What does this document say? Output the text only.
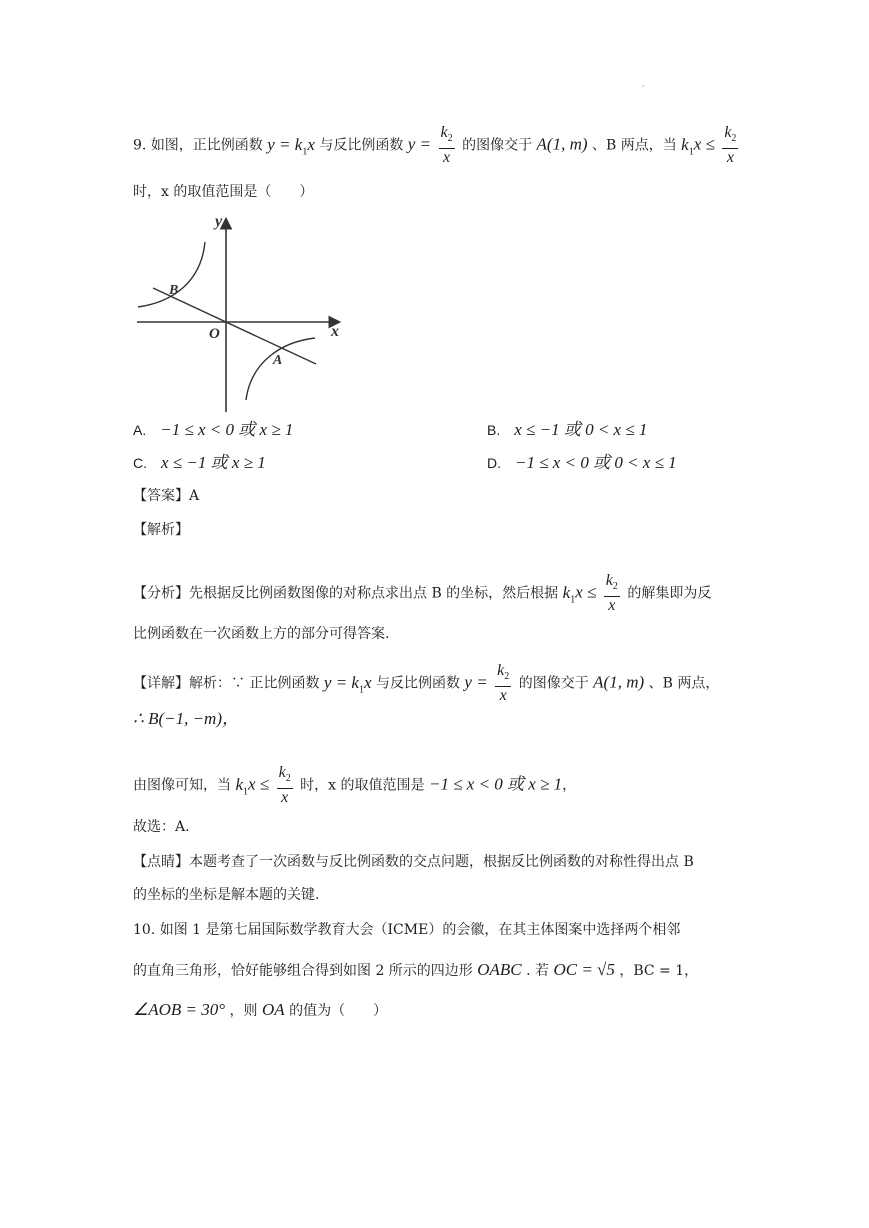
·
9. 如图，正比例函数 $y = k_1x$ 与反比例函数 $y = \frac{k_2}{x}$ 的图像交于 A(1, m) 、B 两点，当 $k_1x \le \frac{k_2}{x}$
时，x 的取值范围是（　　）
y
x
O
B
A
A. −1 ≤ x < 0 或 x ≥ 1	B. x ≤ −1 或 0 < x ≤ 1
C. x ≤ −1 或 x ≥ 1	D. −1 ≤ x < 0 或 0 < x ≤ 1
【答案】A
【解析】
【分析】先根据反比例函数图像的对称点求出点 B 的坐标，然后根据 $k_1x \le \frac{k_2}{x}$ 的解集即为反
比例函数在一次函数上方的部分可得答案.
【详解】解析：∵ 正比例函数 $y = k_1x$ 与反比例函数 $y = \frac{k_2}{x}$ 的图像交于 A(1, m) 、B 两点，
∴ B(−1, −m)，
由图像可知，当 $k_1x \le \frac{k_2}{x}$ 时，x 的取值范围是 −1 ≤ x < 0 或 x ≥ 1，
故选：A.
【点睛】本题考查了一次函数与反比例函数的交点问题，根据反比例函数的对称性得出点 B
的坐标的坐标是解本题的关键.
10. 如图 1 是第七届国际数学教育大会（ICME）的会徽，在其主体图案中选择两个相邻
的直角三角形，恰好能够组合得到如图 2 所示的四边形 OABC . 若 OC = √5 ，BC = 1，
∠AOB = 30° ，则 OA 的值为（　　）
